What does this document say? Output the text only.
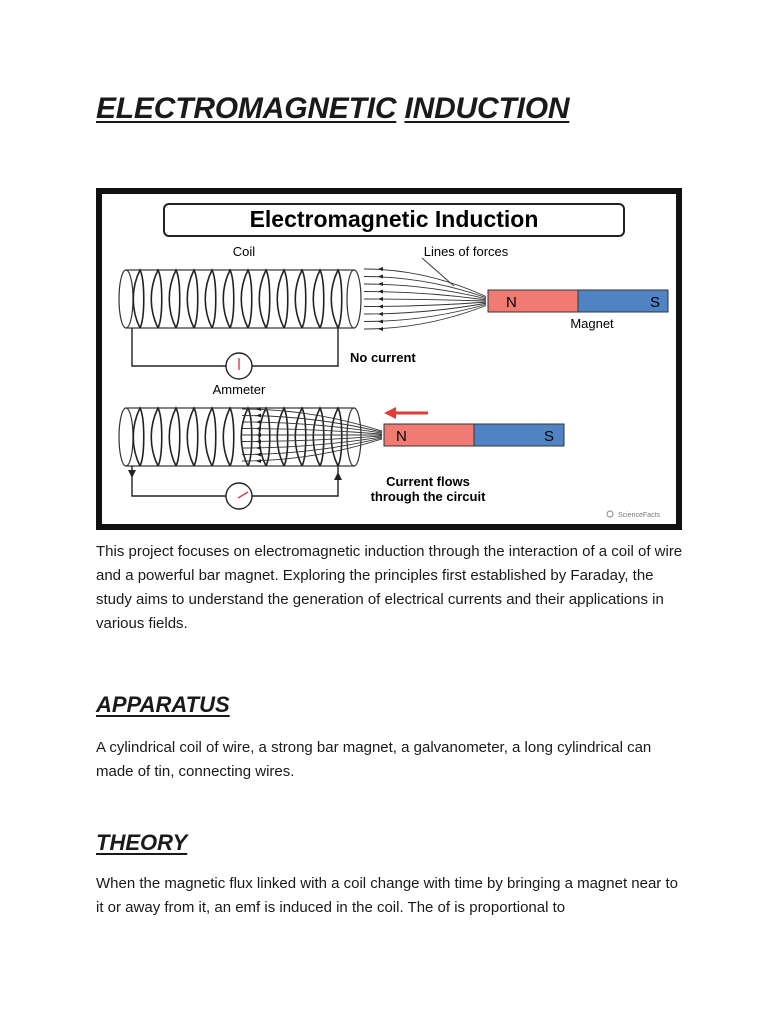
ELECTROMAGNETIC INDUCTION
Electromagnetic Induction
Coil	Lines of forces
N	S
Magnet
No current
Ammeter
N	S
Current flows
through the circuit
ScienceFacts

This project focuses on electromagnetic induction through the interaction of a coil of wire and a powerful bar magnet. Exploring the principles first established by Faraday, the study aims to understand the generation of electrical currents and their applications in various fields.

APPARATUS

A cylindrical coil of wire, a strong bar magnet, a galvanometer, a long cylindrical can made of tin, connecting wires.

THEORY

When the magnetic flux linked with a coil change with time by bringing a magnet near to it or away from it, an emf is induced in the coil. The of is proportional to
